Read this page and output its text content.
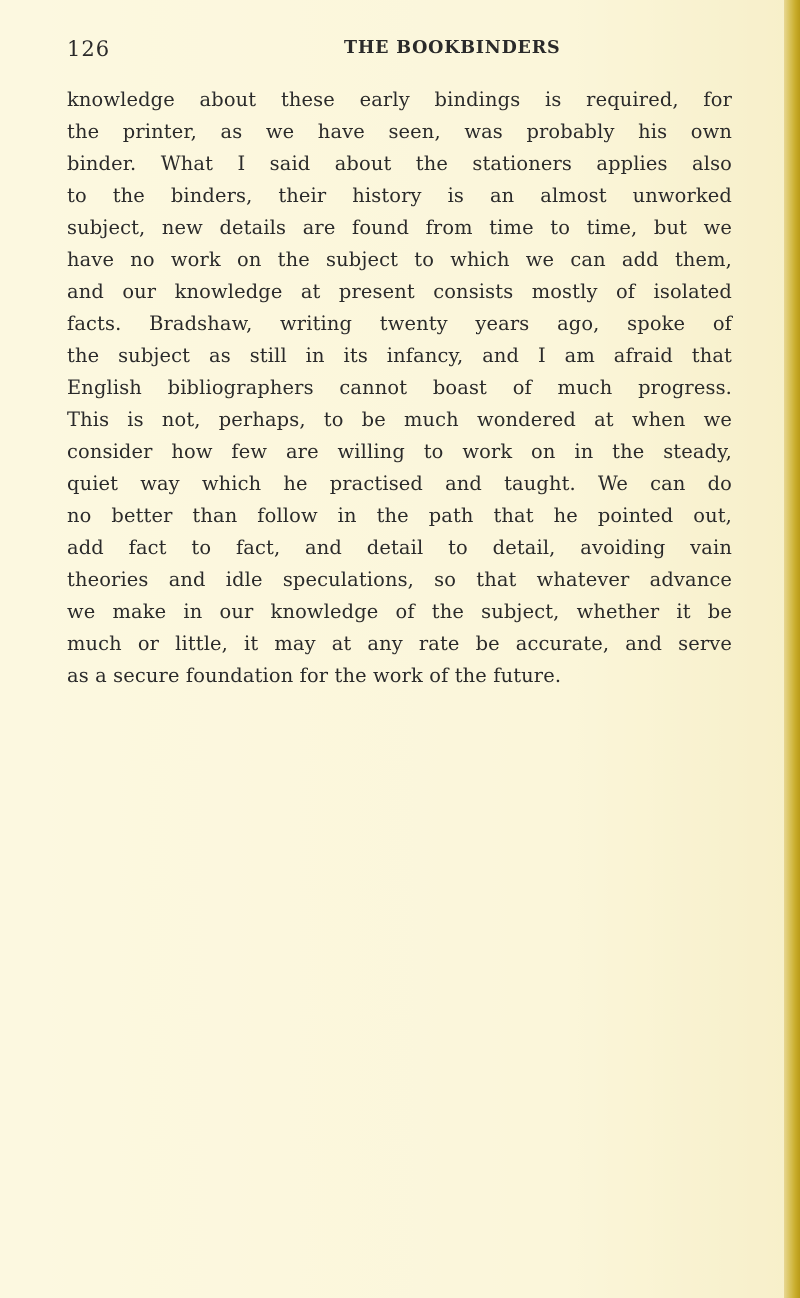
126	THE BOOKBINDERS
knowledge about these early bindings is required, for
the printer, as we have seen, was probably his own
binder. What I said about the stationers applies also
to the binders, their history is an almost unworked
subject, new details are found from time to time, but we
have no work on the subject to which we can add them,
and our knowledge at present consists mostly of isolated
facts. Bradshaw, writing twenty years ago, spoke of
the subject as still in its infancy, and I am afraid that
English bibliographers cannot boast of much progress.
This is not, perhaps, to be much wondered at when we
consider how few are willing to work on in the steady,
quiet way which he practised and taught. We can do
no better than follow in the path that he pointed out,
add fact to fact, and detail to detail, avoiding vain
theories and idle speculations, so that whatever advance
we make in our knowledge of the subject, whether it be
much or little, it may at any rate be accurate, and serve
as a secure foundation for the work of the future.
